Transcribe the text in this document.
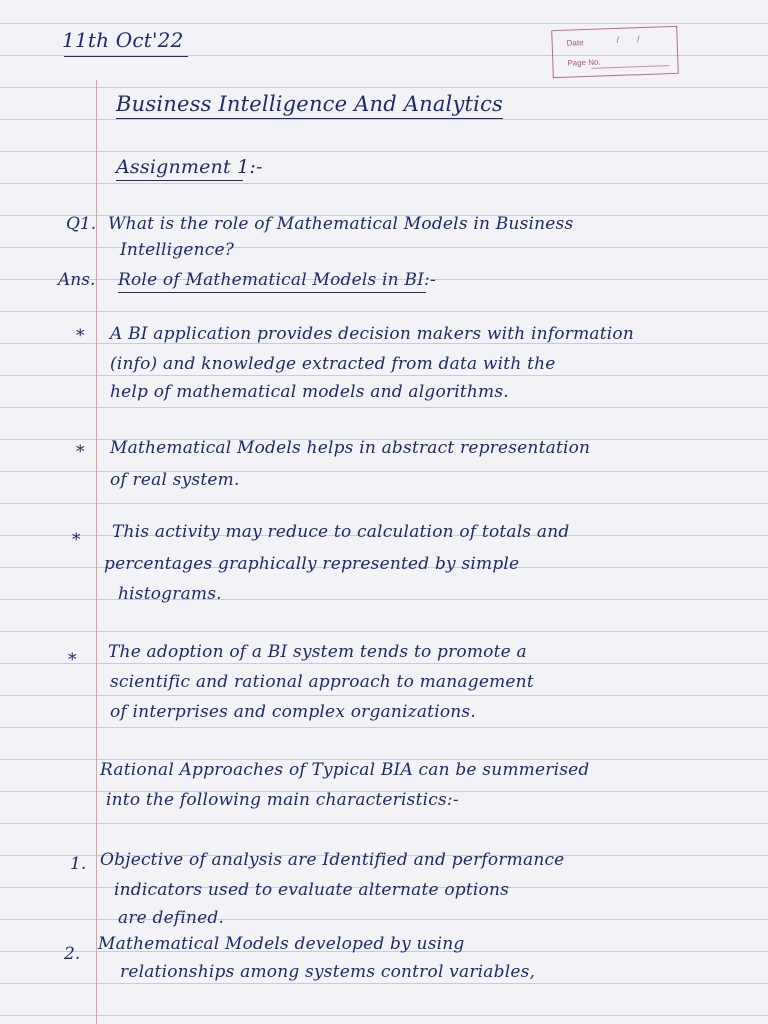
11th Oct'22	Date	//
Page No.
Business Intelligence And Analytics
Assignment 1:-
Q1. What is the role of Mathematical Models in Business
Intelligence?
Ans. Role of Mathematical Models in BI:-
* A BI application provides decision makers with information
(info) and knowledge extracted from data with the
help of mathematical models and algorithms.
* Mathematical Models helps in abstract representation
of real system.
* This activity may reduce to calculation of totals and
percentages graphically represented by simple
histograms.
* The adoption of a BI system tends to promote a
scientific and rational approach to management
of interprises and complex organizations.
Rational Approaches of Typical BIA can be summerised
into the following main characteristics:-
1. Objective of analysis are Identified and performance
indicators used to evaluate alternate options
are defined.
2. Mathematical Models developed by using
relationships among systems control variables,
